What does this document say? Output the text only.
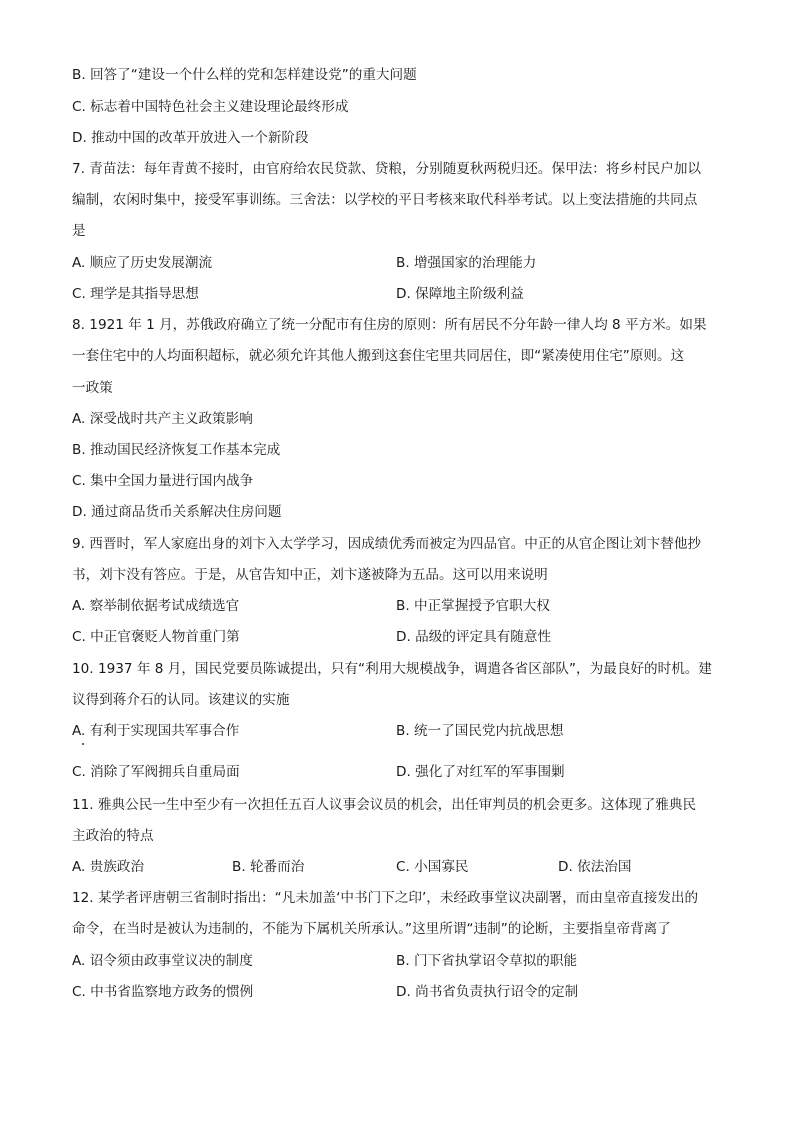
B. 回答了“建设一个什么样的党和怎样建设党”的重大问题
C. 标志着中国特色社会主义建设理论最终形成
D. 推动中国的改革开放进入一个新阶段
7. 青苗法：每年青黄不接时，由官府给农民贷款、贷粮，分别随夏秋两税归还。保甲法：将乡村民户加以
编制，农闲时集中，接受军事训练。三舍法：以学校的平日考核来取代科举考试。以上变法措施的共同点
是
A. 顺应了历史发展潮流	B. 增强国家的治理能力
C. 理学是其指导思想	D. 保障地主阶级利益
8. 1921 年 1 月，苏俄政府确立了统一分配市有住房的原则：所有居民不分年龄一律人均 8 平方米。如果
一套住宅中的人均面积超标，就必须允许其他人搬到这套住宅里共同居住，即“紧凑使用住宅”原则。这
一政策
A. 深受战时共产主义政策影响
B. 推动国民经济恢复工作基本完成
C. 集中全国力量进行国内战争
D. 通过商品货币关系解决住房问题
9. 西晋时，军人家庭出身的刘卞入太学学习，因成绩优秀而被定为四品官。中正的从官企图让刘卞替他抄
书，刘卞没有答应。于是，从官告知中正，刘卞遂被降为五品。这可以用来说明
A. 察举制依据考试成绩选官	B. 中正掌握授予官职大权
C. 中正官褒贬人物首重门第	D. 品级的评定具有随意性
10. 1937 年 8 月，国民党要员陈诚提出，只有“利用大规模战争，调遣各省区部队”，为最良好的时机。建
议得到蒋介石的认同。该建议的实施
A. 有利于实现国共军事合作	B. 统一了国民党内抗战思想
C. 消除了军阀拥兵自重局面	D. 强化了对红军的军事围剿
11. 雅典公民一生中至少有一次担任五百人议事会议员的机会，出任审判员的机会更多。这体现了雅典民
主政治的特点
A. 贵族政治	B. 轮番而治	C. 小国寡民	D. 依法治国
12. 某学者评唐朝三省制时指出：“凡未加盖‘中书门下之印’，未经政事堂议决副署，而由皇帝直接发出的
命令，在当时是被认为违制的，不能为下属机关所承认。”这里所谓“违制”的论断，主要指皇帝背离了
A. 诏令须由政事堂议决的制度	B. 门下省执掌诏令草拟的职能
C. 中书省监察地方政务的惯例	D. 尚书省负责执行诏令的定制
